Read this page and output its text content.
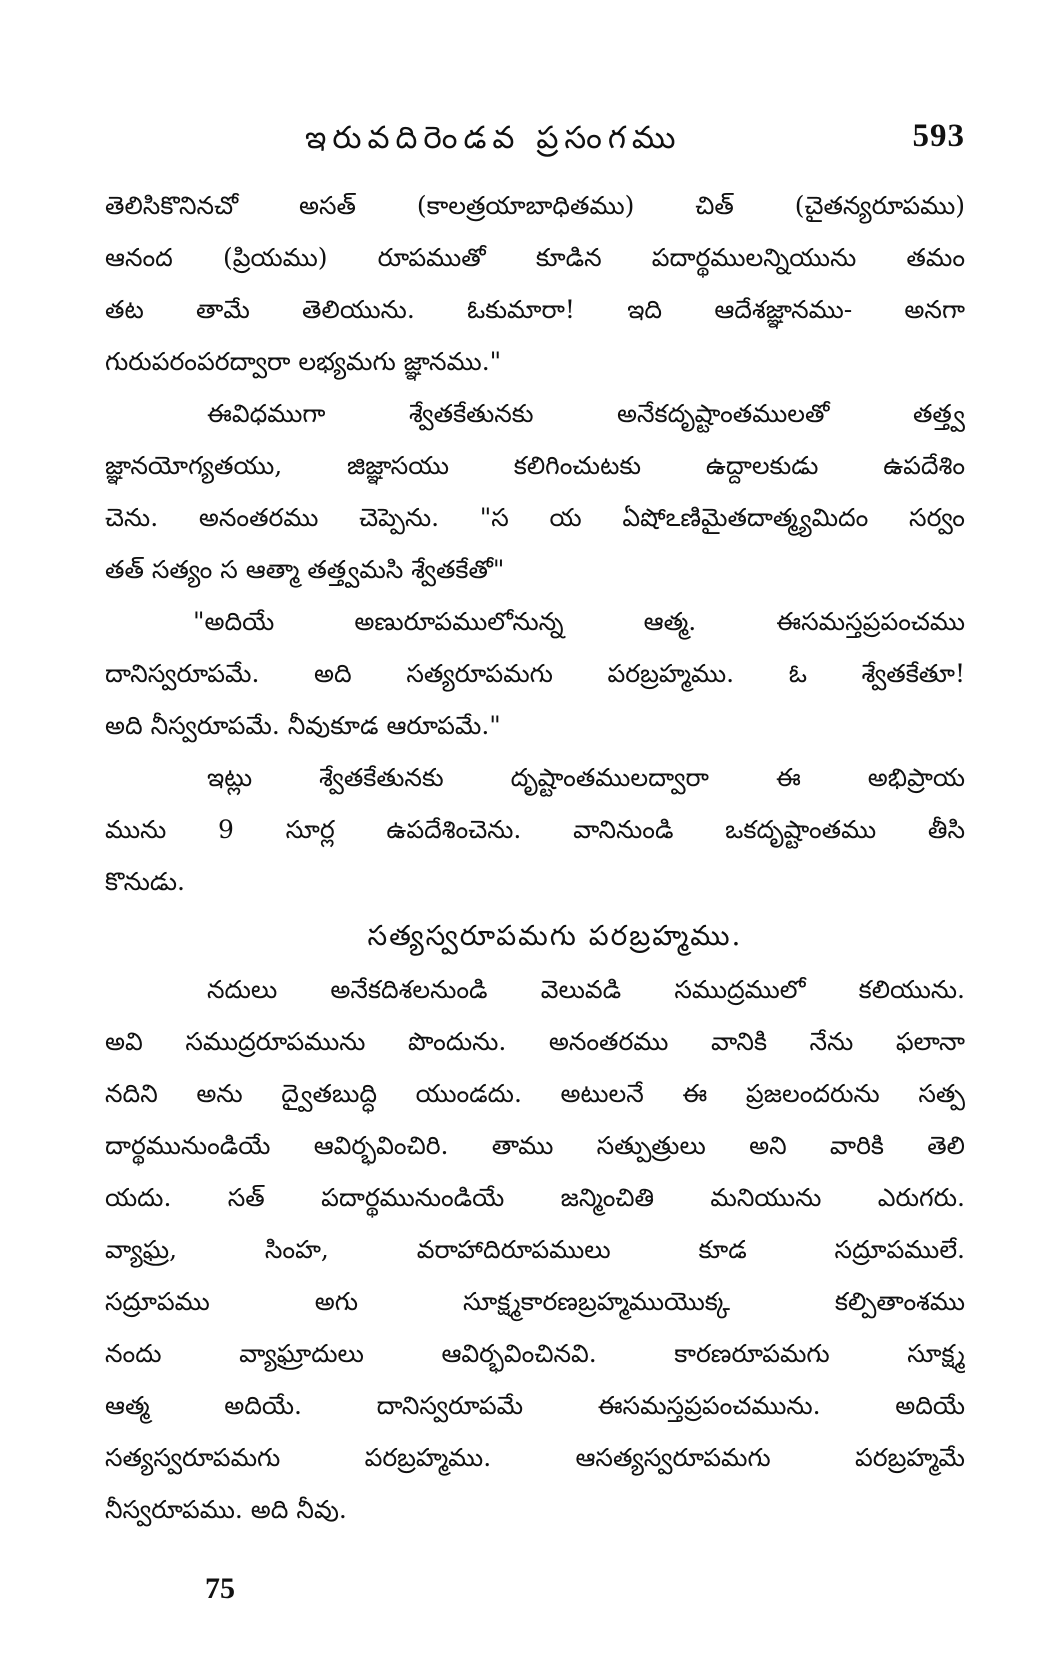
ఇరువదిరెండవ ప్రసంగము	593
తెలిసికొనినచో అసత్ (కాలత్రయాబాధితము) చిత్ (చైతన్యరూపము)
ఆనంద (ప్రియము) రూపముతో కూడిన పదార్థములన్నియును తమం
తట తామే తెలియును. ఓకుమారా! ఇది ఆదేశజ్ఞానము- అనగా
గురుపరంపరద్వారా లభ్యమగు జ్ఞానము."
ఈవిధముగా శ్వేతకేతునకు అనేకదృష్టాంతములతో తత్త్వ
జ్ఞానయోగ్యతయు, జిజ్ఞాసయు కలిగించుటకు ఉద్దాలకుడు ఉపదేశిం
చెను. అనంతరము చెప్పెను. "స య ఏషోఽణిమైతదాత్మ్యమిదం సర్వం
తత్ సత్యం స ఆత్మా తత్త్వమసి శ్వేతకేతో"
"అదియే అణురూపములోనున్న ఆత్మ. ఈసమస్తప్రపంచము
దానిస్వరూపమే. అది సత్యరూపమగు పరబ్రహ్మము. ఓ శ్వేతకేతూ!
అది నీస్వరూపమే. నీవుకూడ ఆరూపమే."
ఇట్లు శ్వేతకేతునకు దృష్టాంతములద్వారా ఈ అభిప్రాయ
మును 9 సూర్ల ఉపదేశించెను. వానినుండి ఒకదృష్టాంతము తీసి
కొనుడు.
సత్యస్వరూపమగు పరబ్రహ్మము.
నదులు అనేకదిశలనుండి వెలువడి సముద్రములో కలియును.
అవి సముద్రరూపమును పొందును. అనంతరము వానికి నేను ఫలానా
నదిని అను ద్వైతబుద్ధి యుండదు. అటులనే ఈ ప్రజలందరును సత్ప
దార్థమునుండియే ఆవిర్భవించిరి. తాము సత్పుత్రులు అని వారికి తెలి
యదు. సత్ పదార్థమునుండియే జన్మించితి మనియును ఎరుగరు.
వ్యాఘ్ర, సింహ, వరాహాదిరూపములు కూడ సద్రూపములే.
సద్రూపము అగు సూక్ష్మకారణబ్రహ్మముయొక్క కల్పితాంశము
నందు వ్యాఘ్రాదులు ఆవిర్భవించినవి. కారణరూపమగు సూక్ష్మ
ఆత్మ అదియే. దానిస్వరూపమే ఈసమస్తప్రపంచమును. అదియే
సత్యస్వరూపమగు పరబ్రహ్మము. ఆసత్యస్వరూపమగు పరబ్రహ్మమే
నీస్వరూపము. అది నీవు.
75
